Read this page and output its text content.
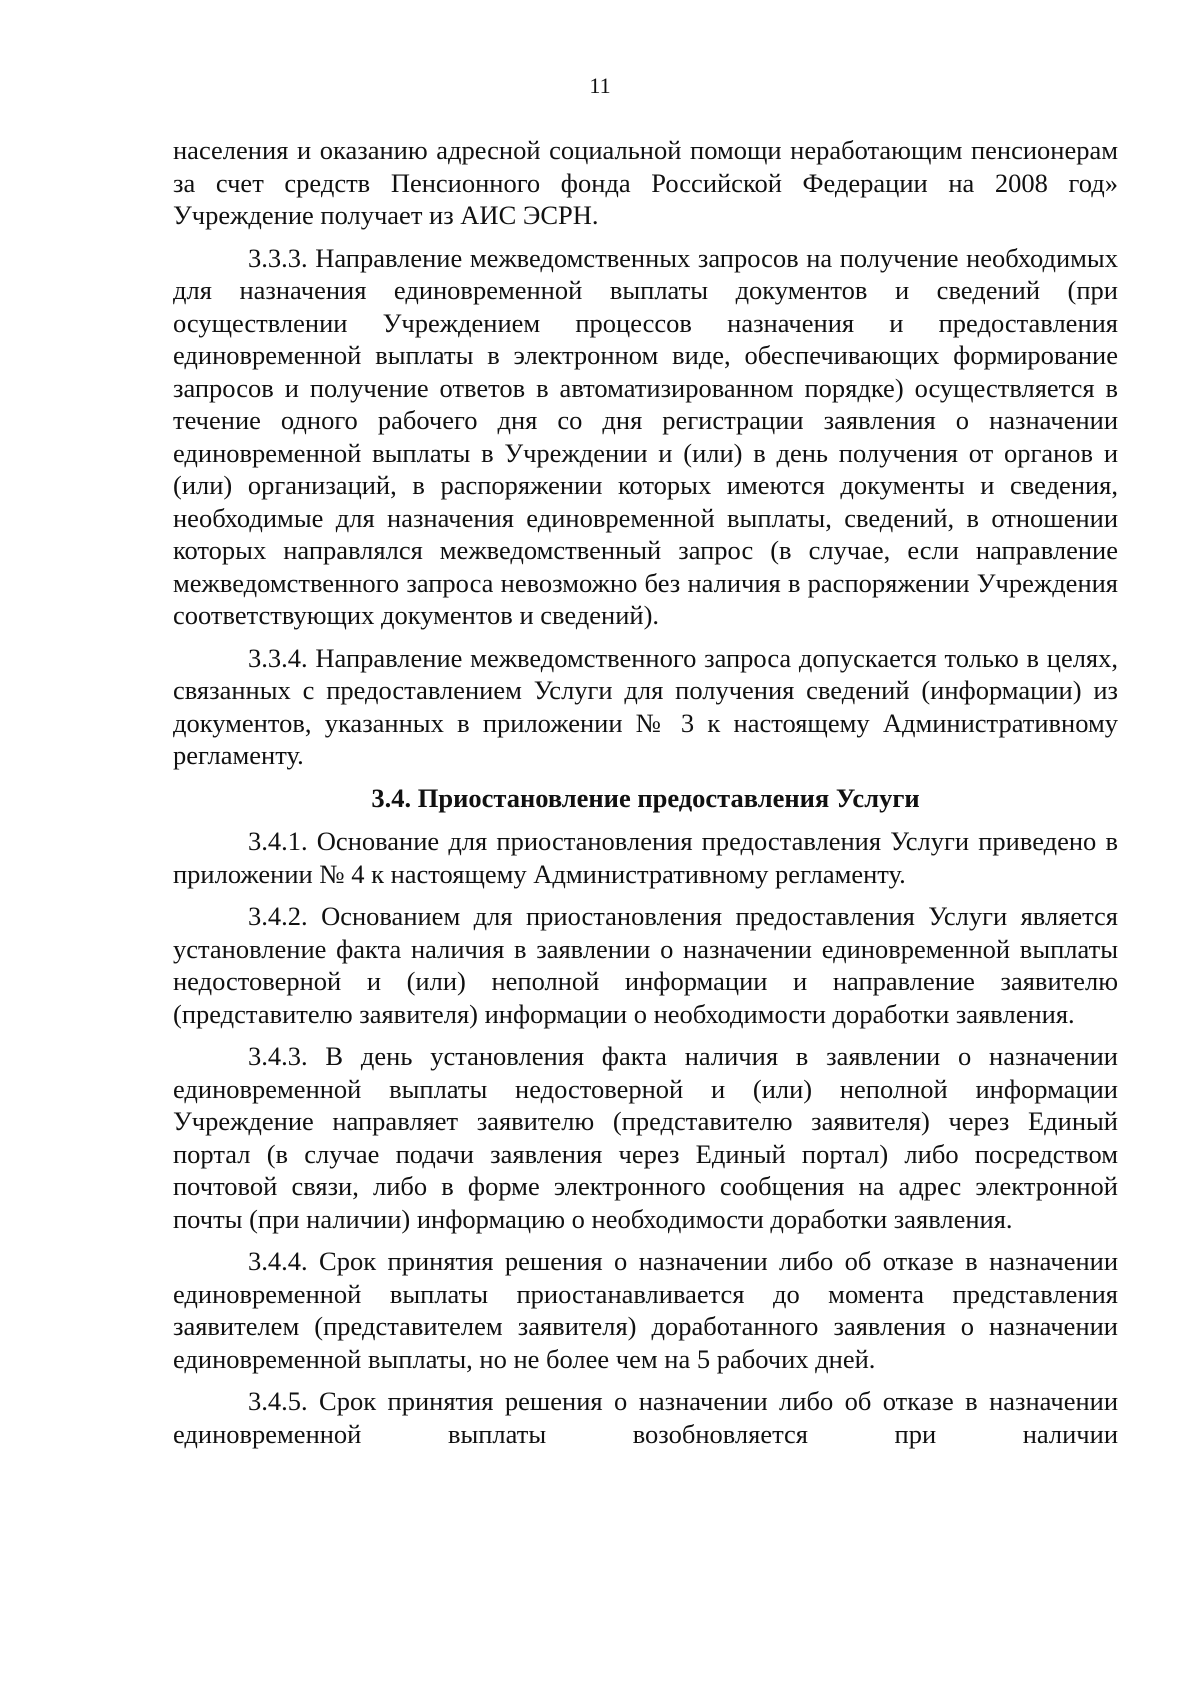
11

населения и оказанию адресной социальной помощи неработающим пенсионерам за счет средств Пенсионного фонда Российской Федерации на 2008 год» Учреждение получает из АИС ЭСРН.

3.3.3. Направление межведомственных запросов на получение необходимых для назначения единовременной выплаты документов и сведений (при осуществлении Учреждением процессов назначения и предоставления единовременной выплаты в электронном виде, обеспечивающих формирование запросов и получение ответов в автоматизированном порядке) осуществляется в течение одного рабочего дня со дня регистрации заявления о назначении единовременной выплаты в Учреждении и (или) в день получения от органов и (или) организаций, в распоряжении которых имеются документы и сведения, необходимые для назначения единовременной выплаты, сведений, в отношении которых направлялся межведомственный запрос (в случае, если направление межведомственного запроса невозможно без наличия в распоряжении Учреждения соответствующих документов и сведений).

3.3.4. Направление межведомственного запроса допускается только в целях, связанных с предоставлением Услуги для получения сведений (информации) из документов, указанных в приложении № 3 к настоящему Административному регламенту.

3.4. Приостановление предоставления Услуги

3.4.1. Основание для приостановления предоставления Услуги приведено в приложении № 4 к настоящему Административному регламенту.

3.4.2. Основанием для приостановления предоставления Услуги является установление факта наличия в заявлении о назначении единовременной выплаты недостоверной и (или) неполной информации и направление заявителю (представителю заявителя) информации о необходимости доработки заявления.

3.4.3. В день установления факта наличия в заявлении о назначении единовременной выплаты недостоверной и (или) неполной информации Учреждение направляет заявителю (представителю заявителя) через Единый портал (в случае подачи заявления через Единый портал) либо посредством почтовой связи, либо в форме электронного сообщения на адрес электронной почты (при наличии) информацию о необходимости доработки заявления.

3.4.4. Срок принятия решения о назначении либо об отказе в назначении единовременной выплаты приостанавливается до момента представления заявителем (представителем заявителя) доработанного заявления о назначении единовременной выплаты, но не более чем на 5 рабочих дней.

3.4.5. Срок принятия решения о назначении либо об отказе в назначении единовременной выплаты возобновляется при наличии
